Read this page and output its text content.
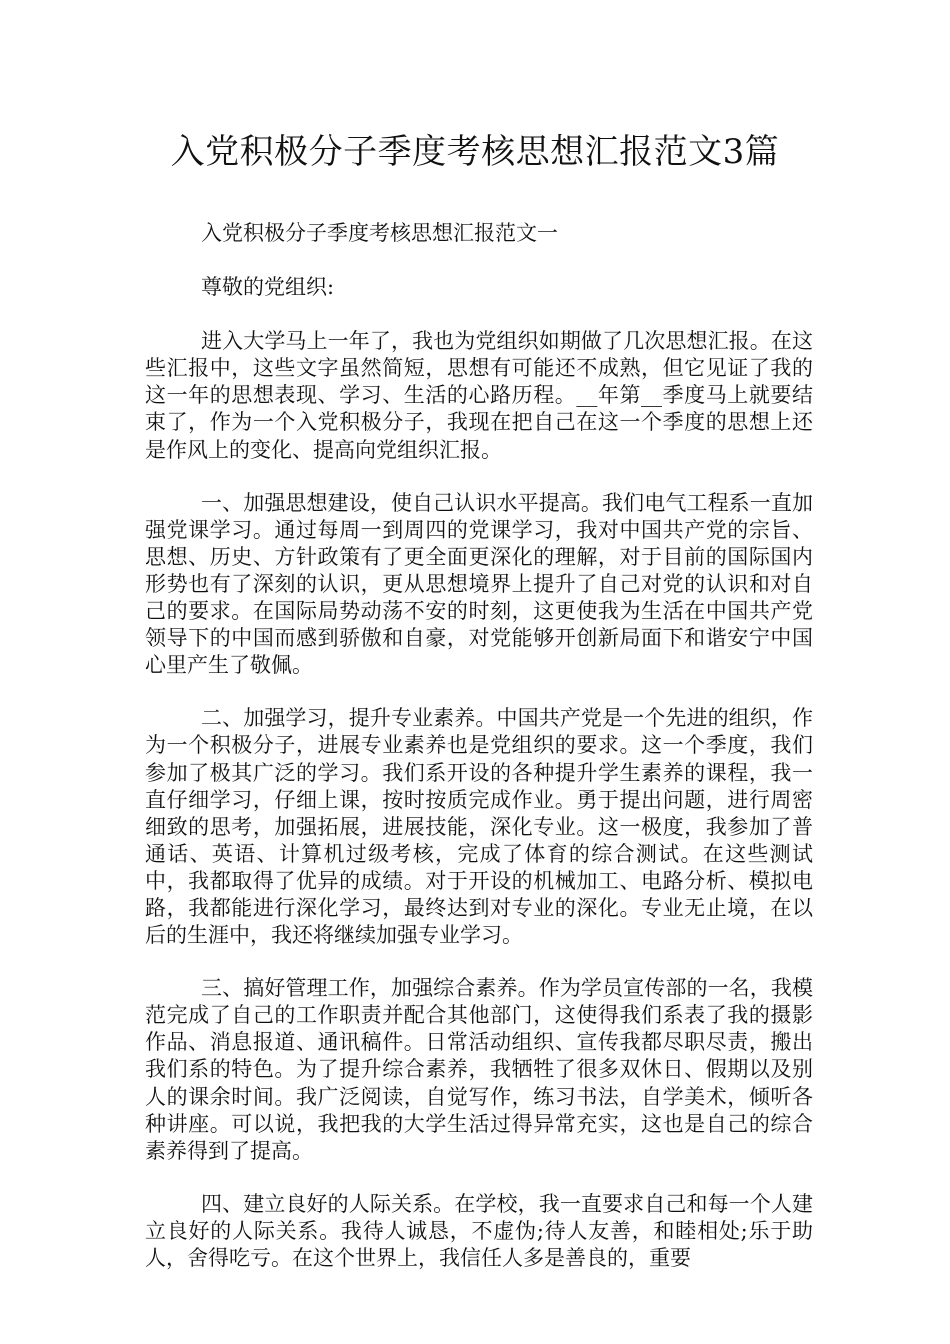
入党积极分子季度考核思想汇报范文3篇

入党积极分子季度考核思想汇报范文一

尊敬的党组织:

进入大学马上一年了，我也为党组织如期做了几次思想汇报。在这些汇报中，这些文字虽然简短，思想有可能还不成熟，但它见证了我的这一年的思想表现、学习、生活的心路历程。__年第__季度马上就要结束了，作为一个入党积极分子，我现在把自己在这一个季度的思想上还是作风上的变化、提高向党组织汇报。

一、加强思想建设，使自己认识水平提高。我们电气工程系一直加强党课学习。通过每周一到周四的党课学习，我对中国共产党的宗旨、思想、历史、方针政策有了更全面更深化的理解，对于目前的国际国内形势也有了深刻的认识，更从思想境界上提升了自己对党的认识和对自己的要求。在国际局势动荡不安的时刻，这更使我为生活在中国共产党领导下的中国而感到骄傲和自豪，对党能够开创新局面下和谐安宁中国心里产生了敬佩。

二、加强学习，提升专业素养。中国共产党是一个先进的组织，作为一个积极分子，进展专业素养也是党组织的要求。这一个季度，我们参加了极其广泛的学习。我们系开设的各种提升学生素养的课程，我一直仔细学习，仔细上课，按时按质完成作业。勇于提出问题，进行周密细致的思考，加强拓展，进展技能，深化专业。这一极度，我参加了普通话、英语、计算机过级考核，完成了体育的综合测试。在这些测试中，我都取得了优异的成绩。对于开设的机械加工、电路分析、模拟电路，我都能进行深化学习，最终达到对专业的深化。专业无止境，在以后的生涯中，我还将继续加强专业学习。

三、搞好管理工作，加强综合素养。作为学员宣传部的一名，我模范完成了自己的工作职责并配合其他部门，这使得我们系表了我的摄影作品、消息报道、通讯稿件。日常活动组织、宣传我都尽职尽责，搬出我们系的特色。为了提升综合素养，我牺牲了很多双休日、假期以及别人的课余时间。我广泛阅读，自觉写作，练习书法，自学美术，倾听各种讲座。可以说，我把我的大学生活过得异常充实，这也是自己的综合素养得到了提高。

四、建立良好的人际关系。在学校，我一直要求自己和每一个人建立良好的人际关系。我待人诚恳，不虚伪;待人友善，和睦相处;乐于助人，舍得吃亏。在这个世界上，我信任人多是善良的，重要
